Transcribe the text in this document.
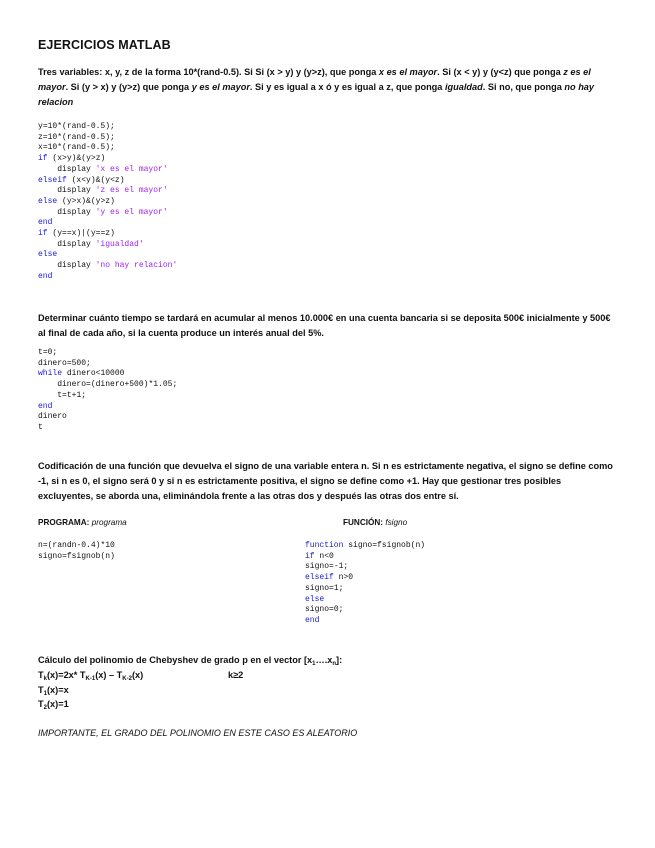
EJERCICIOS MATLAB
Tres variables: x, y, z de la forma 10*(rand-0.5). Si Si (x > y) y (y>z), que ponga x es el mayor. Si (x < y) y (y<z) que ponga z es el mayor. Si (y > x) y (y>z) que ponga y es el mayor. Si y es igual a x ó y es igual a z, que ponga igualdad. Si no, que ponga no hay relacion
y=10*(rand-0.5);
z=10*(rand-0.5);
x=10*(rand-0.5);
if (x>y)&(y>z)
display 'x es el mayor'
elseif (x<y)&(y<z)
display 'z es el mayor'
else (y>x)&(y>z)
display 'y es el mayor'
end
if (y==x)|(y==z)
display 'igualdad'
else
display 'no hay relacion'
end
Determinar cuánto tiempo se tardará en acumular al menos 10.000€ en una cuenta bancaria si se deposita 500€ inicialmente y 500€ al final de cada año, si la cuenta produce un interés anual del 5%.
t=0;
dinero=500;
while dinero<10000
dinero=(dinero+500)*1.05;
t=t+1;
end
dinero
t
Codificación de una función que devuelva el signo de una variable entera n. Si n es estrictamente negativa, el signo se define como -1, si n es 0, el signo será 0 y si n es estrictamente positiva, el signo se define como +1. Hay que gestionar tres posibles excluyentes, se aborda una, eliminándola frente a las otras dos y después las otras dos entre sí.
PROGRAMA: programa	FUNCIÓN: fsigno
n=(randn-0.4)*10
signo=fsignob(n)
function signo=fsignob(n)
if n<0
signo=-1;
elseif n>0
signo=1;
else
signo=0;
end
Cálculo del polinomio de Chebyshev de grado p en el vector $[x_1\dots.x_n]$:
$T_k(x)=2x*$ $T_{K-1}(x) - T_{K-2}(x)$	k≥2
$T_1(x)=x$
$T_2(x)=1$
IMPORTANTE, EL GRADO DEL POLINOMIO EN ESTE CASO ES ALEATORIO
